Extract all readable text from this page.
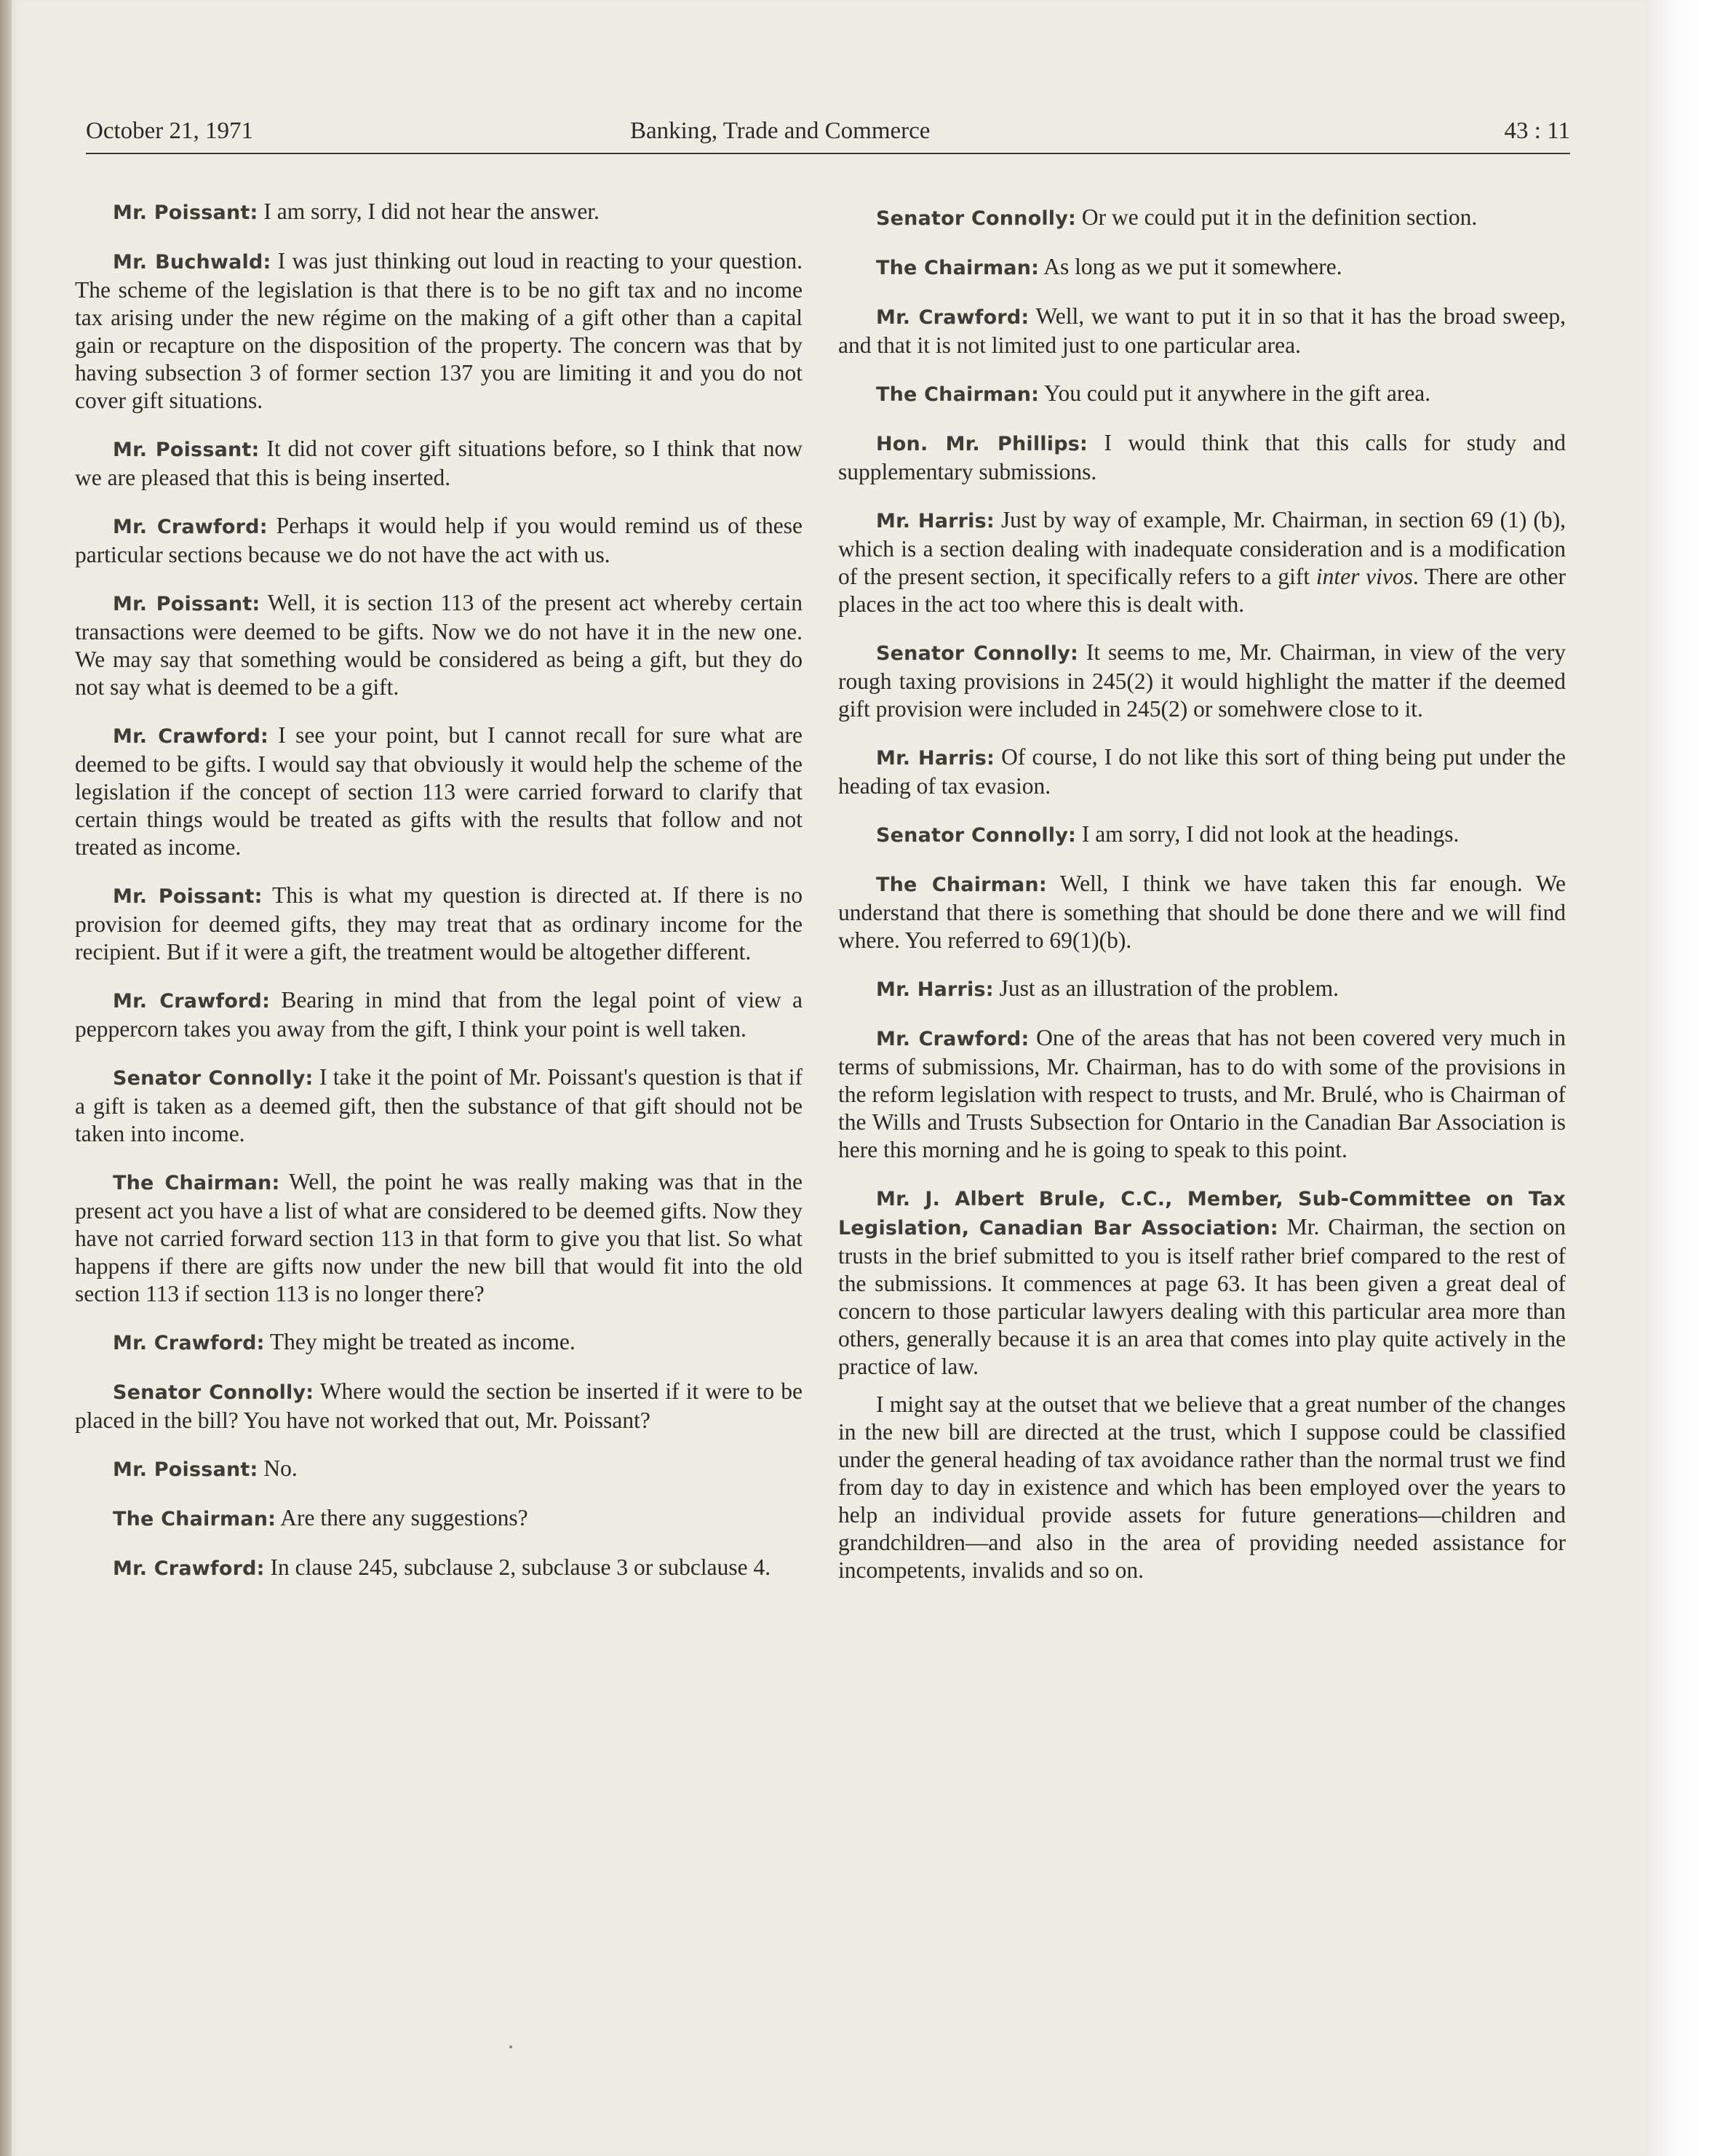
October 21, 1971	Banking, Trade and Commerce	43 : 11

Mr. Poissant: I am sorry, I did not hear the answer.

Mr. Buchwald: I was just thinking out loud in reacting to your question. The scheme of the legislation is that there is to be no gift tax and no income tax arising under the new régime on the making of a gift other than a capital gain or recapture on the disposition of the property. The concern was that by having subsection 3 of former section 137 you are limiting it and you do not cover gift situations.

Mr. Poissant: It did not cover gift situations before, so I think that now we are pleased that this is being inserted.

Mr. Crawford: Perhaps it would help if you would remind us of these particular sections because we do not have the act with us.

Mr. Poissant: Well, it is section 113 of the present act whereby certain transactions were deemed to be gifts. Now we do not have it in the new one. We may say that something would be considered as being a gift, but they do not say what is deemed to be a gift.

Mr. Crawford: I see your point, but I cannot recall for sure what are deemed to be gifts. I would say that obviously it would help the scheme of the legislation if the concept of section 113 were carried forward to clarify that certain things would be treated as gifts with the results that follow and not treated as income.

Mr. Poissant: This is what my question is directed at. If there is no provision for deemed gifts, they may treat that as ordinary income for the recipient. But if it were a gift, the treatment would be altogether different.

Mr. Crawford: Bearing in mind that from the legal point of view a peppercorn takes you away from the gift, I think your point is well taken.

Senator Connolly: I take it the point of Mr. Poissant's question is that if a gift is taken as a deemed gift, then the substance of that gift should not be taken into income.

The Chairman: Well, the point he was really making was that in the present act you have a list of what are considered to be deemed gifts. Now they have not carried forward section 113 in that form to give you that list. So what happens if there are gifts now under the new bill that would fit into the old section 113 if section 113 is no longer there?

Mr. Crawford: They might be treated as income.

Senator Connolly: Where would the section be inserted if it were to be placed in the bill? You have not worked that out, Mr. Poissant?

Mr. Poissant: No.

The Chairman: Are there any suggestions?

Mr. Crawford: In clause 245, subclause 2, subclause 3 or subclause 4.

Senator Connolly: Or we could put it in the definition section.

The Chairman: As long as we put it somewhere.

Mr. Crawford: Well, we want to put it in so that it has the broad sweep, and that it is not limited just to one particular area.

The Chairman: You could put it anywhere in the gift area.

Hon. Mr. Phillips: I would think that this calls for study and supplementary submissions.

Mr. Harris: Just by way of example, Mr. Chairman, in section 69 (1) (b), which is a section dealing with inadequate consideration and is a modification of the present section, it specifically refers to a gift inter vivos. There are other places in the act too where this is dealt with.

Senator Connolly: It seems to me, Mr. Chairman, in view of the very rough taxing provisions in 245(2) it would highlight the matter if the deemed gift provision were included in 245(2) or somehwere close to it.

Mr. Harris: Of course, I do not like this sort of thing being put under the heading of tax evasion.

Senator Connolly: I am sorry, I did not look at the headings.

The Chairman: Well, I think we have taken this far enough. We understand that there is something that should be done there and we will find where. You referred to 69(1)(b).

Mr. Harris: Just as an illustration of the problem.

Mr. Crawford: One of the areas that has not been covered very much in terms of submissions, Mr. Chairman, has to do with some of the provisions in the reform legislation with respect to trusts, and Mr. Brulé, who is Chairman of the Wills and Trusts Subsection for Ontario in the Canadian Bar Association is here this morning and he is going to speak to this point.

Mr. J. Albert Brule, C.C., Member, Sub-Committee on Tax Legislation, Canadian Bar Association: Mr. Chairman, the section on trusts in the brief submitted to you is itself rather brief compared to the rest of the submissions. It commences at page 63. It has been given a great deal of concern to those particular lawyers dealing with this particular area more than others, generally because it is an area that comes into play quite actively in the practice of law.

I might say at the outset that we believe that a great number of the changes in the new bill are directed at the trust, which I suppose could be classified under the general heading of tax avoidance rather than the normal trust we find from day to day in existence and which has been employed over the years to help an individual provide assets for future generations—children and grandchildren—and also in the area of providing needed assistance for incompetents, invalids and so on.
